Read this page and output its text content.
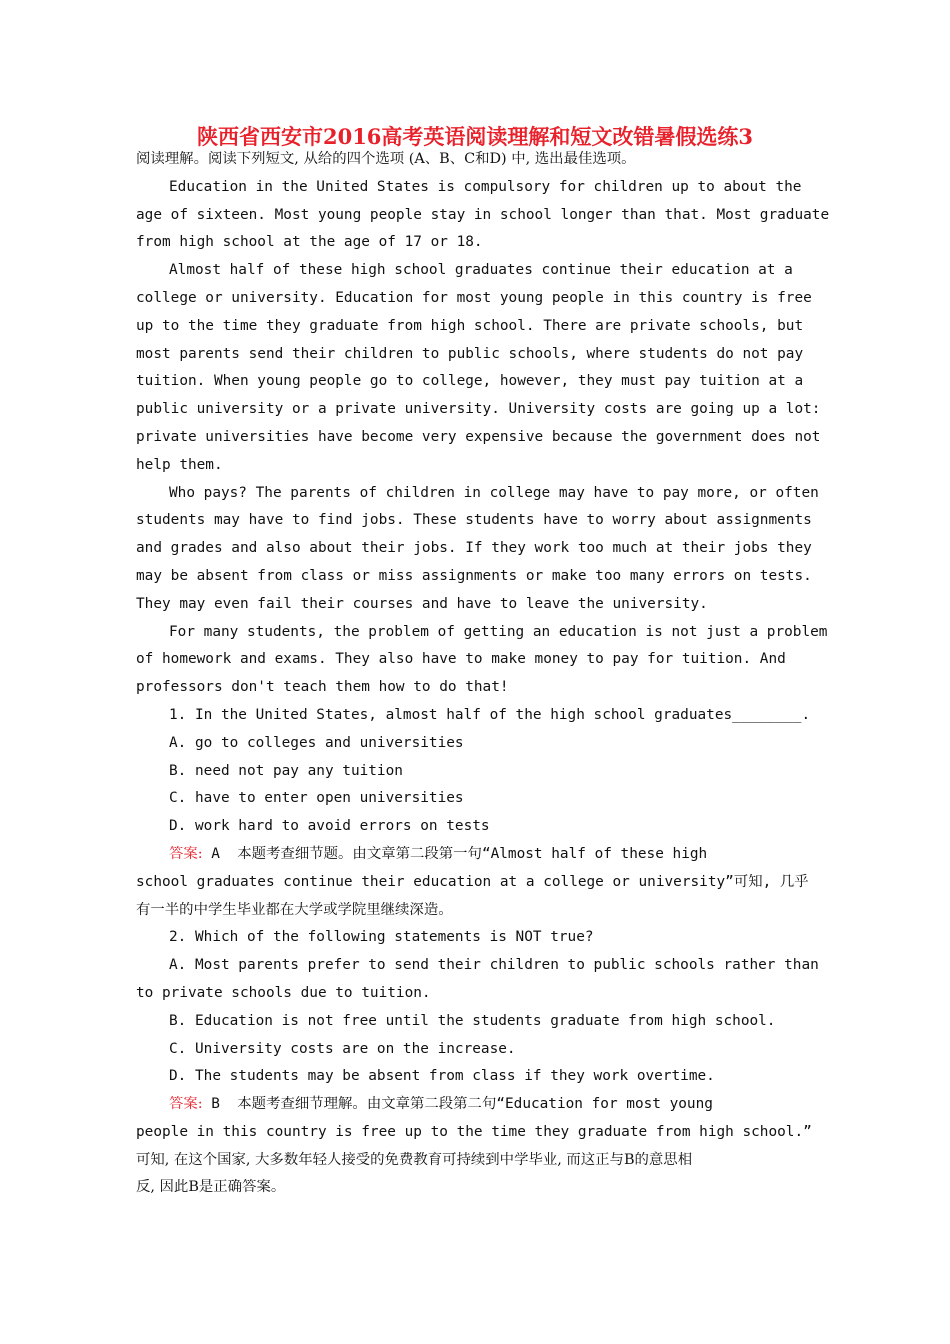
陕西省西安市2016高考英语阅读理解和短文改错暑假选练3
阅读理解。阅读下列短文, 从给的四个选项 (A、B、C和D) 中, 选出最佳选项。
Education in the United States is compulsory for children up to about the
age of sixteen. Most young people stay in school longer than that. Most graduate
from high school at the age of 17 or 18.
Almost half of these high school graduates continue their education at a
college or university. Education for most young people in this country is free
up to the time they graduate from high school. There are private schools, but
most parents send their children to public schools, where students do not pay
tuition. When young people go to college, however, they must pay tuition at a
public university or a private university. University costs are going up a lot:
private universities have become very expensive because the government does not
help them.
Who pays? The parents of children in college may have to pay more, or often
students may have to find jobs. These students have to worry about assignments
and grades and also about their jobs. If they work too much at their jobs they
may be absent from class or miss assignments or make too many errors on tests.
They may even fail their courses and have to leave the university.
For many students, the problem of getting an education is not just a problem
of homework and exams. They also have to make money to pay for tuition. And
professors don't teach them how to do that!
1. In the United States, almost half of the high school graduates________.
A. go to colleges and universities
B. need not pay any tuition
C. have to enter open universities
D. work hard to avoid errors on tests
答案: A  本题考查细节题。由文章第二段第一句“Almost half of these high
school graduates continue their education at a college or university”可知, 几乎
有一半的中学生毕业都在大学或学院里继续深造。
2. Which of the following statements is NOT true?
A. Most parents prefer to send their children to public schools rather than
to private schools due to tuition.
B. Education is not free until the students graduate from high school.
C. University costs are on the increase.
D. The students may be absent from class if they work overtime.
答案: B  本题考查细节理解。由文章第二段第二句“Education for most young
people in this country is free up to the time they graduate from high school.”
可知, 在这个国家, 大多数年轻人接受的免费教育可持续到中学毕业, 而这正与B的意思相
反, 因此B是正确答案。
